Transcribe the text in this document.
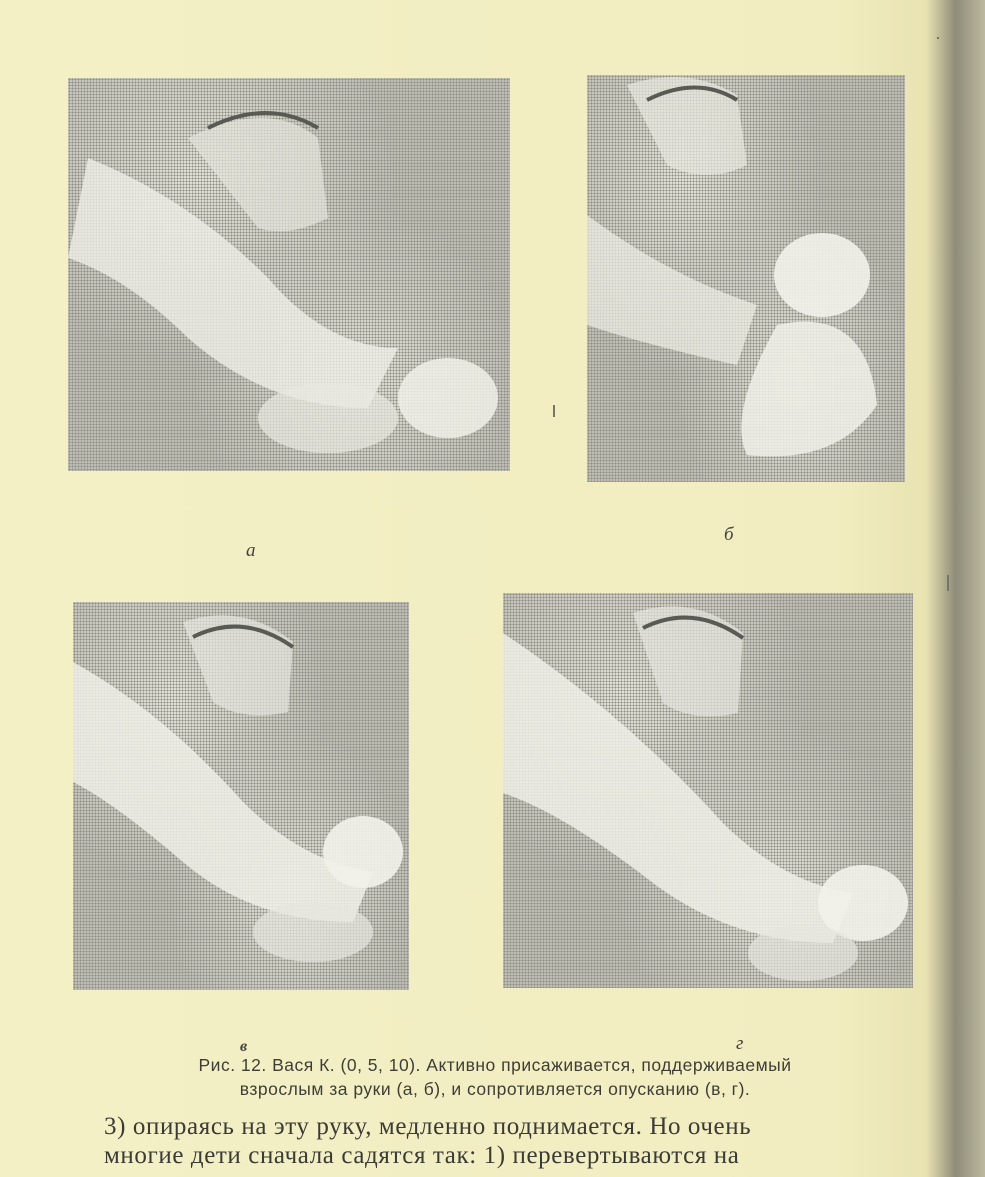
а
б
в	г
Рис. 12. Вася К. (0, 5, 10). Активно присаживается, поддерживаемый
взрослым за руки (а, б), и сопротивляется опусканию (в, г).
3) опираясь на эту руку, медленно поднимается. Но очень
многие дети сначала садятся так: 1) перевертываются на
